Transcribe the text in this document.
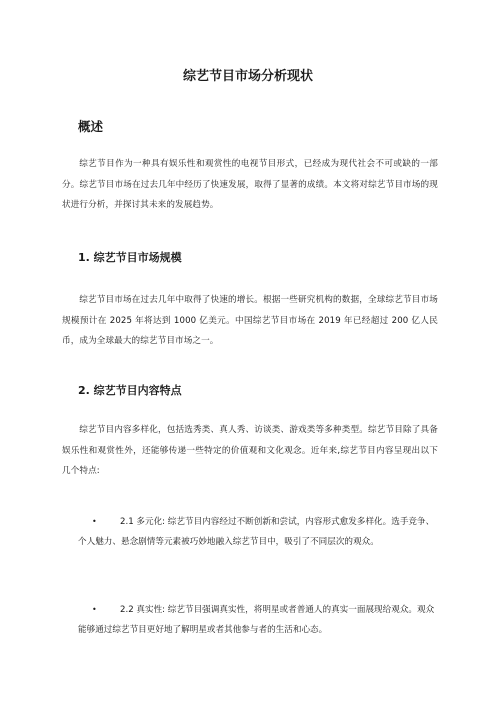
综艺节目市场分析现状
概述

综艺节目作为一种具有娱乐性和观赏性的电视节目形式，已经成为现代社会不可或缺的一部分。综艺节目市场在过去几年中经历了快速发展，取得了显著的成绩。本文将对综艺节目市场的现状进行分析，并探讨其未来的发展趋势。

1. 综艺节目市场规模

综艺节目市场在过去几年中取得了快速的增长。根据一些研究机构的数据，全球综艺节目市场规模预计在 2025 年将达到 1000 亿美元。中国综艺节目市场在 2019 年已经超过 200 亿人民币，成为全球最大的综艺节目市场之一。

2. 综艺节目内容特点

综艺节目内容多样化，包括选秀类、真人秀、访谈类、游戏类等多种类型。综艺节目除了具备娱乐性和观赏性外，还能够传递一些特定的价值观和文化观念。近年来,综艺节目内容呈现出以下几个特点:

•	2.1 多元化: 综艺节目内容经过不断创新和尝试，内容形式愈发多样化。选手竞争、个人魅力、悬念剧情等元素被巧妙地融入综艺节目中，吸引了不同层次的观众。
•	2.2 真实性: 综艺节目强调真实性，将明星或者普通人的真实一面展现给观众。观众能够通过综艺节目更好地了解明星或者其他参与者的生活和心态。
